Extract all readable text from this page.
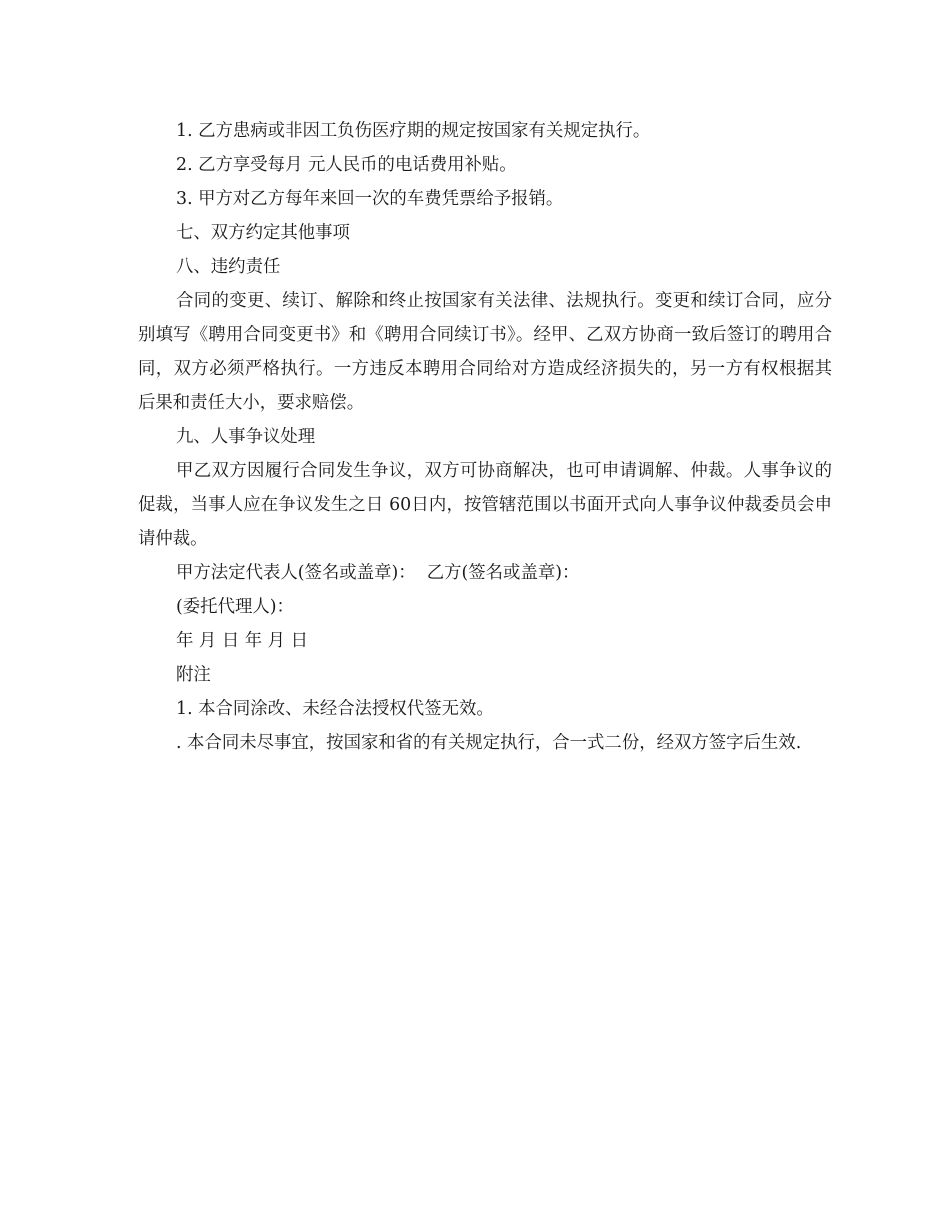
1. 乙方患病或非因工负伤医疗期的规定按国家有关规定执行。

2. 乙方享受每月 元人民币的电话费用补贴。

3. 甲方对乙方每年来回一次的车费凭票给予报销。

七、双方约定其他事项

八、违约责任

合同的变更、续订、解除和终止按国家有关法律、法规执行。变更和续订合同，应分别填写《聘用合同变更书》和《聘用合同续订书》。经甲、乙双方协商一致后签订的聘用合同，双方必须严格执行。一方违反本聘用合同给对方造成经济损失的，另一方有权根据其后果和责任大小，要求赔偿。

九、人事争议处理

甲乙双方因履行合同发生争议，双方可协商解决，也可申请调解、仲裁。人事争议的促裁，当事人应在争议发生之日 60日内，按管辖范围以书面开式向人事争议仲裁委员会申请仲裁。

甲方法定代表人(签名或盖章)：  乙方(签名或盖章)：

(委托代理人)：

年 月 日 年 月 日

附注

1. 本合同涂改、未经合法授权代签无效。

. 本合同未尽事宜，按国家和省的有关规定执行，合一式二份，经双方签字后生效.
